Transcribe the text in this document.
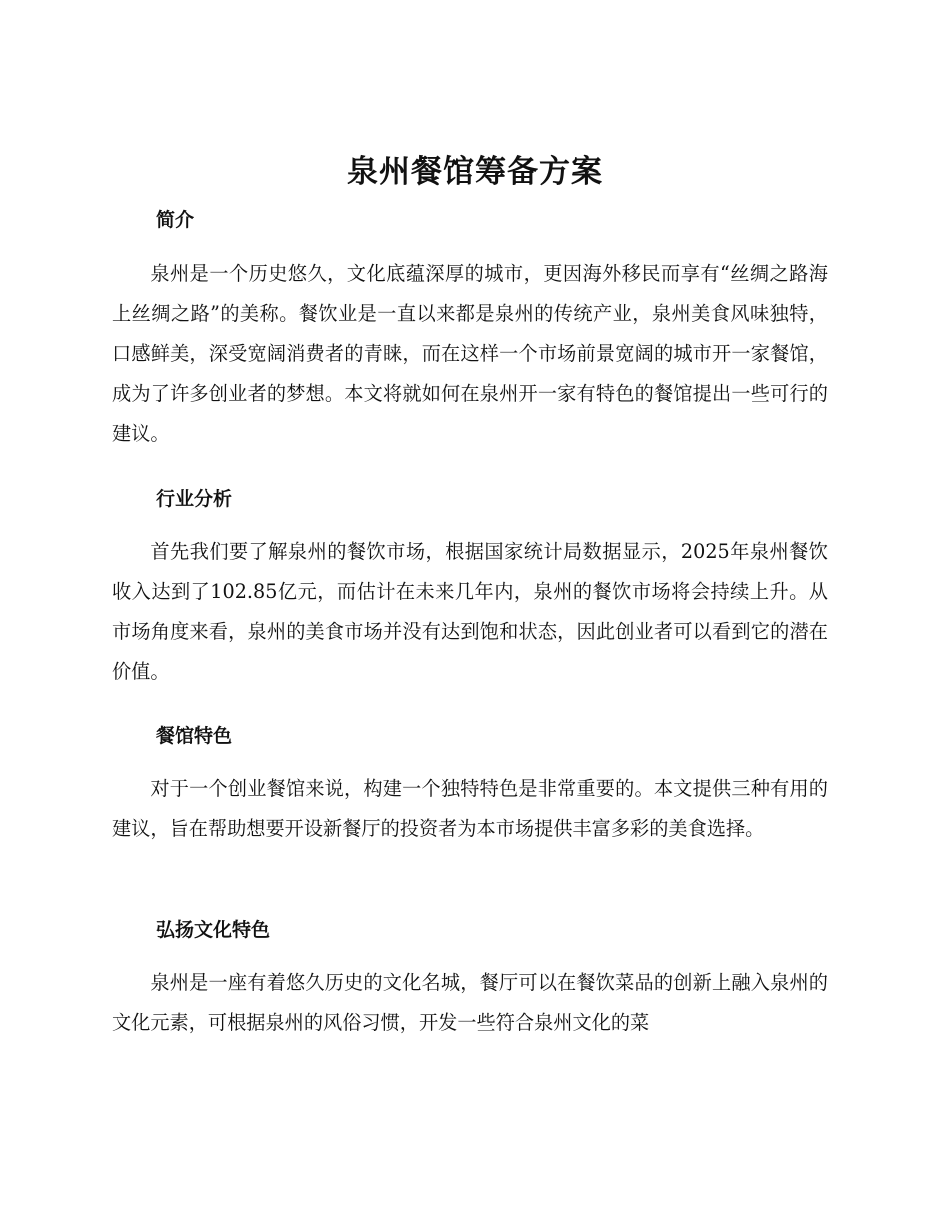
泉州餐馆筹备方案
简介

泉州是一个历史悠久，文化底蕴深厚的城市，更因海外移民而享有“丝绸之路海上丝绸之路”的美称。餐饮业是一直以来都是泉州的传统产业，泉州美食风味独特，口感鲜美，深受宽阔消费者的青睐，而在这样一个市场前景宽阔的城市开一家餐馆，成为了许多创业者的梦想。本文将就如何在泉州开一家有特色的餐馆提出一些可行的建议。

行业分析

首先我们要了解泉州的餐饮市场，根据国家统计局数据显示，2025年泉州餐饮收入达到了102.85亿元，而估计在未来几年内，泉州的餐饮市场将会持续上升。从市场角度来看，泉州的美食市场并没有达到饱和状态，因此创业者可以看到它的潜在价值。

餐馆特色

对于一个创业餐馆来说，构建一个独特特色是非常重要的。本文提供三种有用的建议，旨在帮助想要开设新餐厅的投资者为本市场提供丰富多彩的美食选择。

弘扬文化特色

泉州是一座有着悠久历史的文化名城，餐厅可以在餐饮菜品的创新上融入泉州的文化元素，可根据泉州的风俗习惯，开发一些符合泉州文化的菜
